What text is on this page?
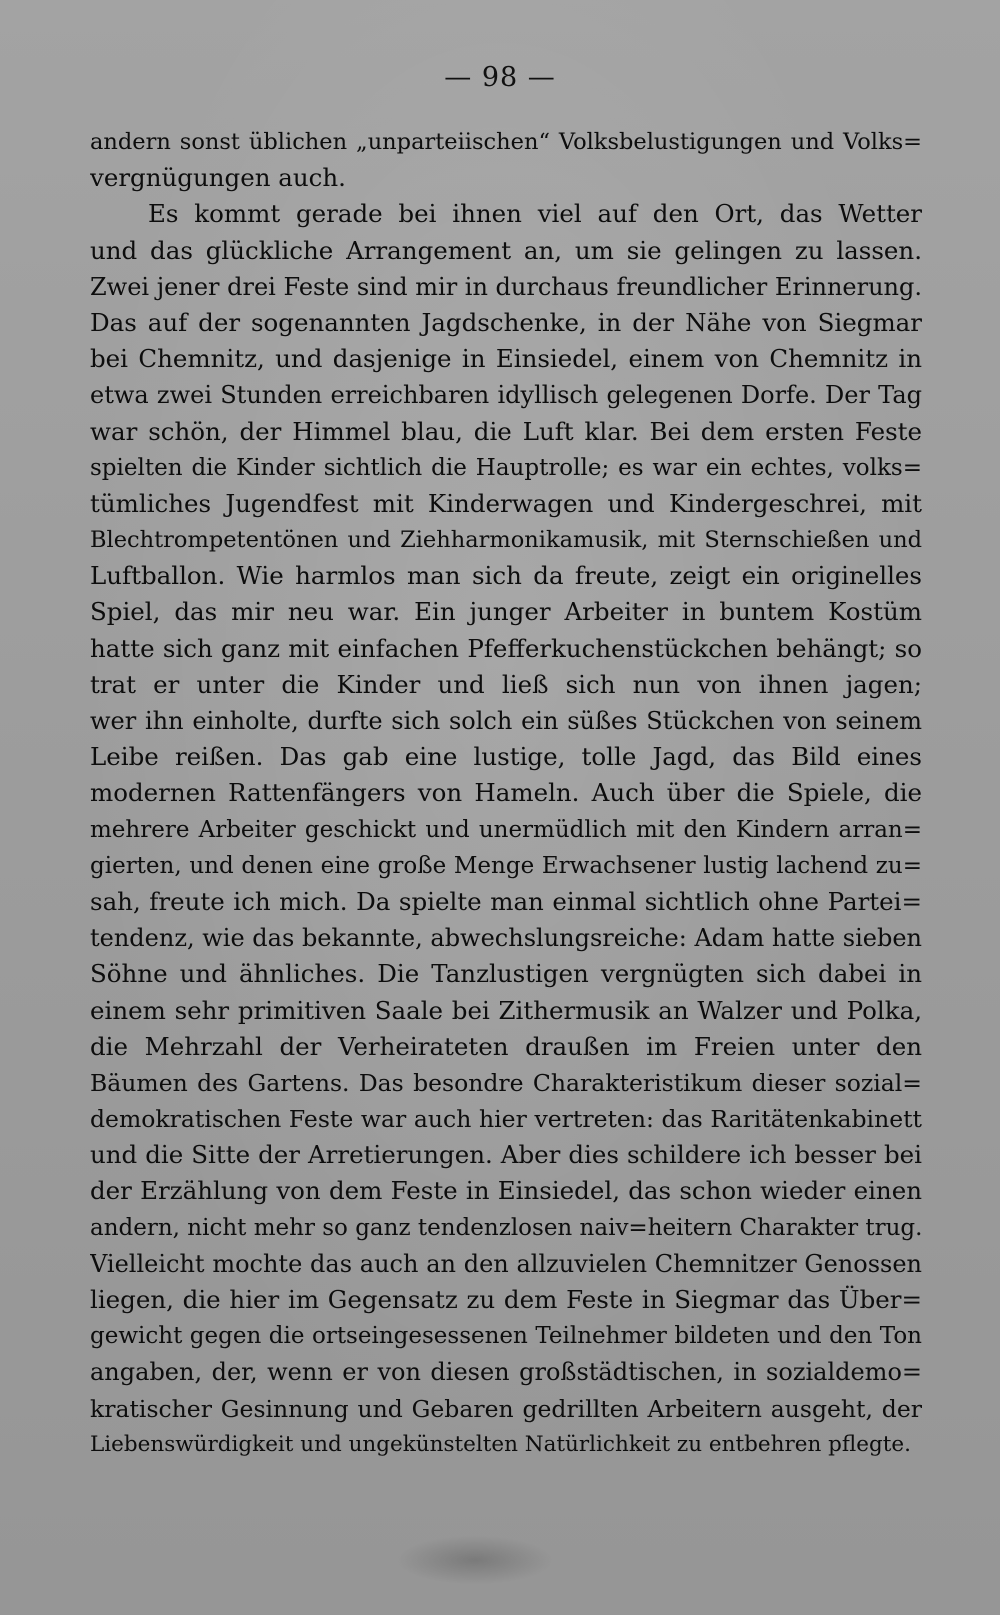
— 98 —
andern sonst üblichen „unparteiischen“ Volksbelustigungen und Volks=
vergnügungen auch.
Es kommt gerade bei ihnen viel auf den Ort, das Wetter
und das glückliche Arrangement an, um sie gelingen zu lassen.
Zwei jener drei Feste sind mir in durchaus freundlicher Erinnerung.
Das auf der sogenannten Jagdschenke, in der Nähe von Siegmar
bei Chemnitz, und dasjenige in Einsiedel, einem von Chemnitz in
etwa zwei Stunden erreichbaren idyllisch gelegenen Dorfe. Der Tag
war schön, der Himmel blau, die Luft klar. Bei dem ersten Feste
spielten die Kinder sichtlich die Hauptrolle; es war ein echtes, volks=
tümliches Jugendfest mit Kinderwagen und Kindergeschrei, mit
Blechtrompetentönen und Ziehharmonikamusik, mit Sternschießen und
Luftballon. Wie harmlos man sich da freute, zeigt ein originelles
Spiel, das mir neu war. Ein junger Arbeiter in buntem Kostüm
hatte sich ganz mit einfachen Pfefferkuchenstückchen behängt; so
trat er unter die Kinder und ließ sich nun von ihnen jagen;
wer ihn einholte, durfte sich solch ein süßes Stückchen von seinem
Leibe reißen. Das gab eine lustige, tolle Jagd, das Bild eines
modernen Rattenfängers von Hameln. Auch über die Spiele, die
mehrere Arbeiter geschickt und unermüdlich mit den Kindern arran=
gierten, und denen eine große Menge Erwachsener lustig lachend zu=
sah, freute ich mich. Da spielte man einmal sichtlich ohne Partei=
tendenz, wie das bekannte, abwechslungsreiche: Adam hatte sieben
Söhne und ähnliches. Die Tanzlustigen vergnügten sich dabei in
einem sehr primitiven Saale bei Zithermusik an Walzer und Polka,
die Mehrzahl der Verheirateten draußen im Freien unter den
Bäumen des Gartens. Das besondre Charakteristikum dieser sozial=
demokratischen Feste war auch hier vertreten: das Raritätenkabinett
und die Sitte der Arretierungen. Aber dies schildere ich besser bei
der Erzählung von dem Feste in Einsiedel, das schon wieder einen
andern, nicht mehr so ganz tendenzlosen naiv=heitern Charakter trug.
Vielleicht mochte das auch an den allzuvielen Chemnitzer Genossen
liegen, die hier im Gegensatz zu dem Feste in Siegmar das Über=
gewicht gegen die ortseingesessenen Teilnehmer bildeten und den Ton
angaben, der, wenn er von diesen großstädtischen, in sozialdemo=
kratischer Gesinnung und Gebaren gedrillten Arbeitern ausgeht, der
Liebenswürdigkeit und ungekünstelten Natürlichkeit zu entbehren pflegte.
